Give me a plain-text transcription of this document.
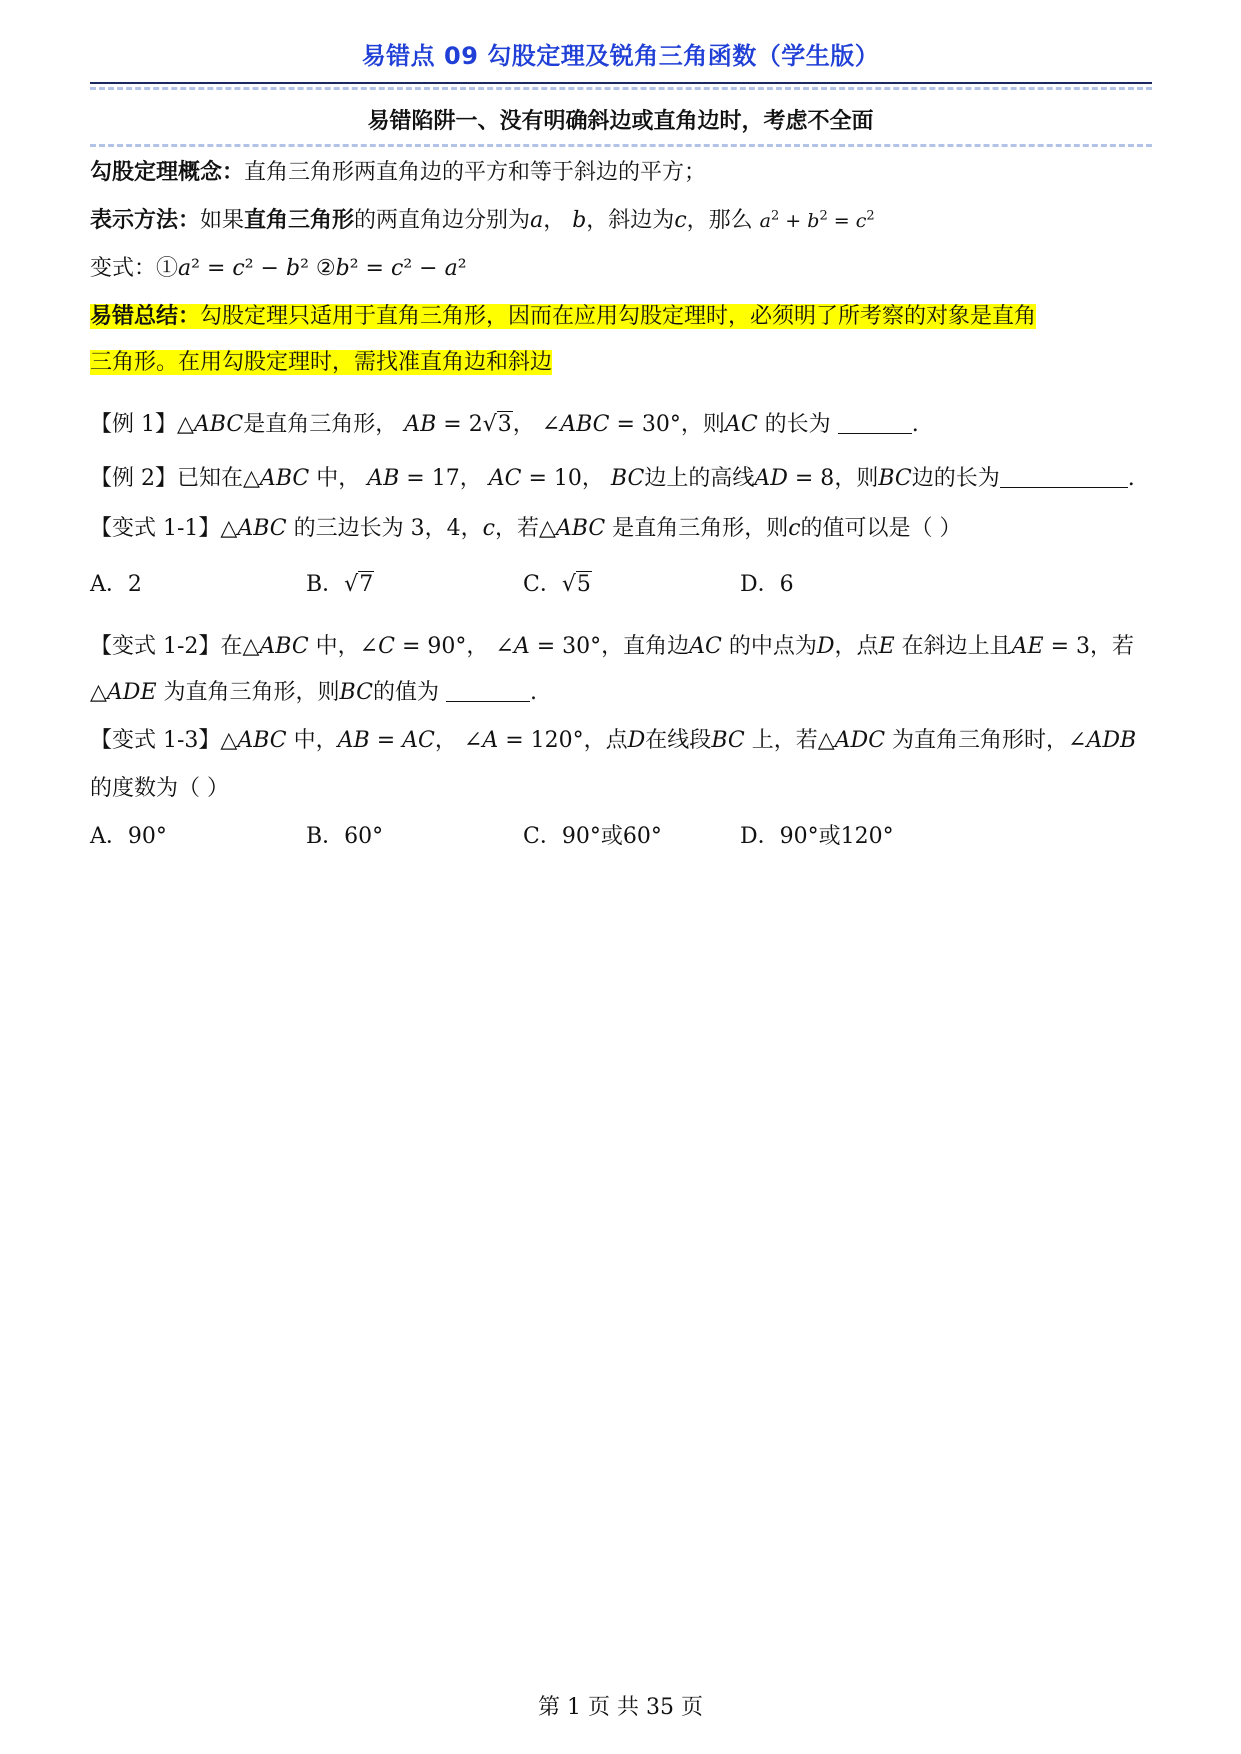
易错点 09 勾股定理及锐角三角函数（学生版）
易错陷阱一、没有明确斜边或直角边时，考虑不全面
勾股定理概念：直角三角形两直角边的平方和等于斜边的平方；
表示方法：如果直角三角形的两直角边分别为a， b，斜边为c，那么 $a^2 + b^2 = c^2$
变式：①a² = c² − b² ②b² = c² − a²
易错总结：勾股定理只适用于直角三角形，因而在应用勾股定理时，必须明了所考察的对象是直角
三角形。在用勾股定理时，需找准直角边和斜边
【例 1】△ABC是直角三角形， AB = 2√3， ∠ABC = 30°，则AC 的长为	.
【例 2】已知在△ABC 中， AB = 17， AC = 10， BC边上的高线AD = 8，则BC边的长为	.
【变式 1-1】△ABC 的三边长为 3，4，c，若△ABC 是直角三角形，则c的值可以是（ ）
A．2	B．√7	C．√5	D．6
【变式 1-2】在△ABC 中，∠C = 90°， ∠A = 30°，直角边AC 的中点为D，点E 在斜边上且AE = 3，若
△ADE 为直角三角形，则BC的值为	.
【变式 1-3】△ABC 中，AB = AC， ∠A = 120°，点D在线段BC 上，若△ADC 为直角三角形时，∠ADB
的度数为（ ）
A．90°	B．60°	C．90°或60°	D．90°或120°
第 1 页 共 35 页
